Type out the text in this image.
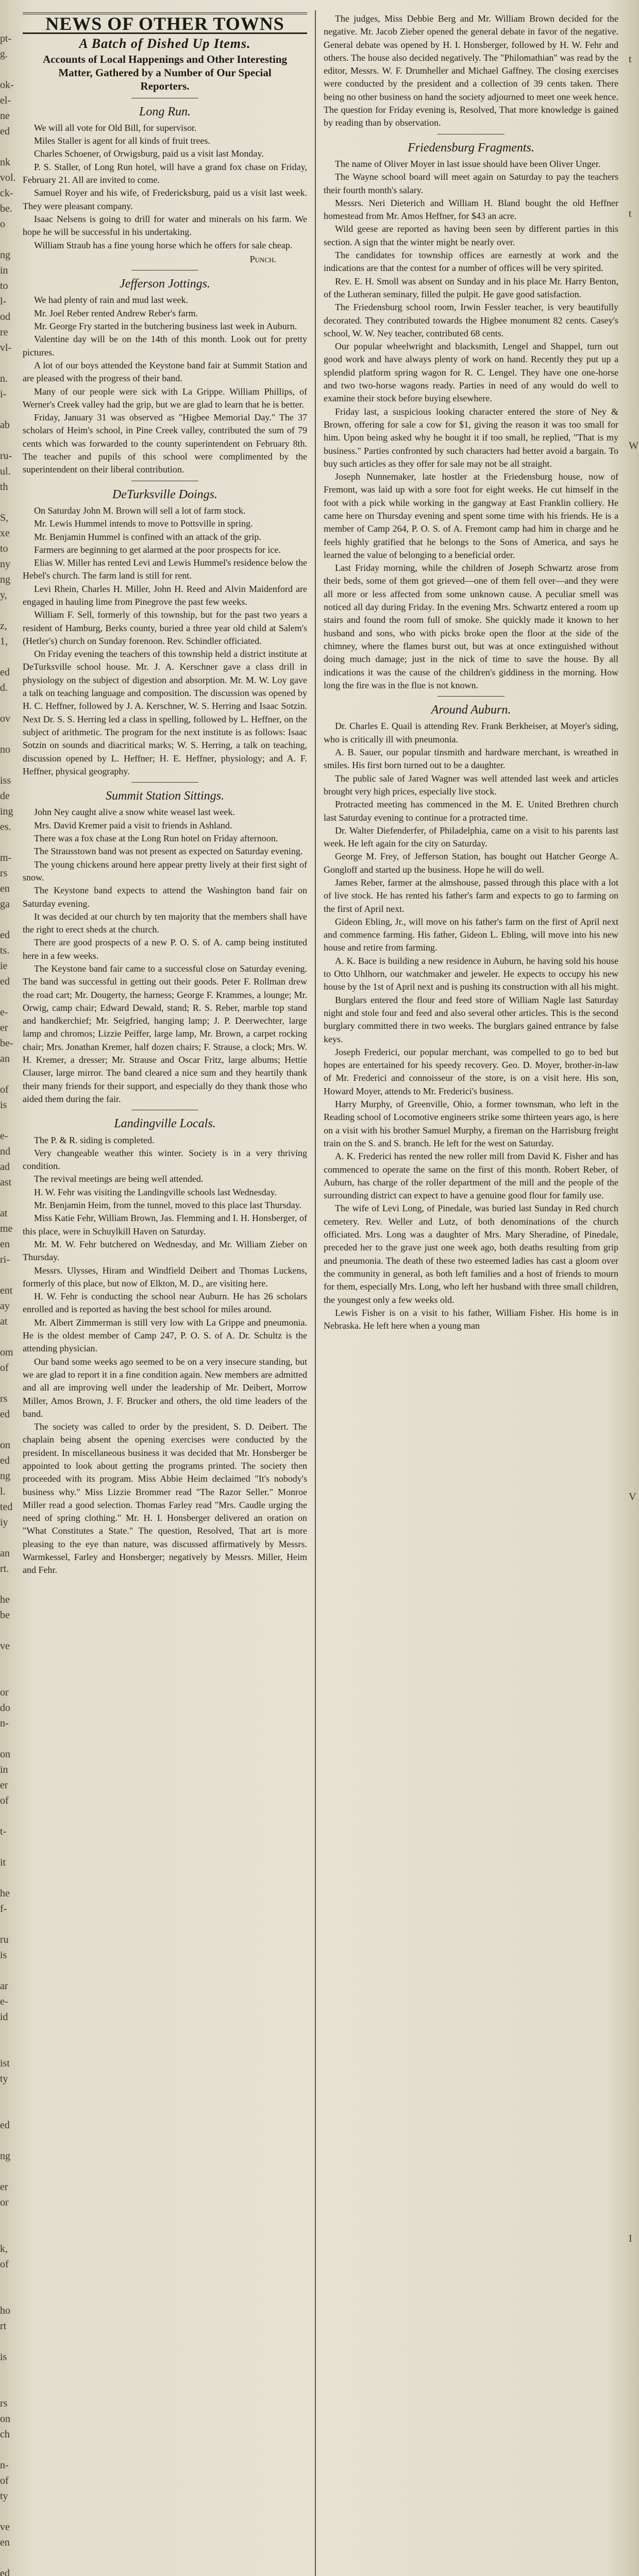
pt-
g.

ok-
el-
ne
ed

nk
vol.
ck-
be.
o

ng
in
to
l-
od
re
vl-

n.
i-

ab

ru-
ul.
th

S,
xe
to
ny
ng
y,

z,
1,

ed
d.

ov

no

iss
de
ing
es.

m-
rs
en
ga

ed
ts.
ie
ed

e-
er
be-
an

of
is

e-
nd
ad
ast

at
me
en
ri-

ent
ay
at

om
of

rs
ed

on
ed
ng
l.
ted
iy

an
rt.

he
be

ve

or
do
n-

on
in
er
of

t-

it

he
f-

ru
is

ar
e-
id

ist
ty

ed

ng

er
or

k,
of

ho
rt

is

rs
on
ch

n-
of
ty

ve
en

ed

t

t

W

V

I
NEWS OF OTHER TOWNS
A Batch of Dished Up Items.
Accounts of Local Happenings and Other Interesting Matter, Gathered by a Number of Our Special Reporters.
Long Run.

We will all vote for Old Bill, for supervisor.

Miles Staller is agent for all kinds of fruit trees.

Charles Schoener, of Orwigsburg, paid us a visit last Monday.

P. S. Staller, of Long Run hotel, will have a grand fox chase on Friday, February 21. All are invited to come.

Samuel Royer and his wife, of Fredericksburg, paid us a visit last week. They were pleasant company.

Isaac Nelsens is going to drill for water and minerals on his farm. We hope he will be successful in his undertaking.

William Straub has a fine young horse which he offers for sale cheap.

Punch.

Jefferson Jottings.

We had plenty of rain and mud last week.

Mr. Joel Reber rented Andrew Reber's farm.

Mr. George Fry started in the butchering business last week in Auburn.

Valentine day will be on the 14th of this month. Look out for pretty pictures.

A lot of our boys attended the Keystone band fair at Summit Station and are pleased with the progress of their band.

Many of our people were sick with La Grippe. William Phillips, of Werner's Creek valley had the grip, but we are glad to learn that he is better.

Friday, January 31 was observed as "Higbee Memorial Day." The 37 scholars of Heim's school, in Pine Creek valley, contributed the sum of 79 cents which was forwarded to the county superintendent on February 8th. The teacher and pupils of this school were complimented by the superintendent on their liberal contribution.

DeTurksville Doings.

On Saturday John M. Brown will sell a lot of farm stock.

Mr. Lewis Hummel intends to move to Pottsville in spring.

Mr. Benjamin Hummel is confined with an attack of the grip.

Farmers are beginning to get alarmed at the poor prospects for ice.

Elias W. Miller has rented Levi and Lewis Hummel's residence below the Hebel's church. The farm land is still for rent.

Levi Rhein, Charles H. Miller, John H. Reed and Alvin Maidenford are engaged in hauling lime from Pinegrove the past few weeks.

William F. Sell, formerly of this township, but for the past two years a resident of Hamburg, Berks county, buried a three year old child at Salem's (Hetler's) church on Sunday forenoon. Rev. Schindler officiated.

On Friday evening the teachers of this township held a district institute at DeTurksville school house. Mr. J. A. Kerschner gave a class drill in physiology on the subject of digestion and absorption. Mr. M. W. Loy gave a talk on teaching language and composition. The discussion was opened by H. C. Heffner, followed by J. A. Kerschner, W. S. Herring and Isaac Sotzin. Next Dr. S. S. Herring led a class in spelling, followed by L. Heffner, on the subject of arithmetic. The program for the next institute is as follows: Isaac Sotzin on sounds and diacritical marks; W. S. Herring, a talk on teaching, discussion opened by L. Heffner; H. E. Heffner, physiology; and A. F. Heffner, physical geography.

Summit Station Sittings.

John Ney caught alive a snow white weasel last week.

Mrs. David Kremer paid a visit to friends in Ashland.

There was a fox chase at the Long Run hotel on Friday afternoon.

The Strausstown band was not present as expected on Saturday evening.

The young chickens around here appear pretty lively at their first sight of snow.

The Keystone band expects to attend the Washington band fair on Saturday evening.

It was decided at our church by ten majority that the members shall have the right to erect sheds at the church.

There are good prospects of a new P. O. S. of A. camp being instituted here in a few weeks.

The Keystone band fair came to a successful close on Saturday evening. The band was successful in getting out their goods. Peter F. Rollman drew the road cart; Mr. Dougerty, the harness; George F. Krammes, a lounge; Mr. Orwig, camp chair; Edward Dewald, stand; R. S. Reber, marble top stand and handkerchief; Mr. Seigfried, hanging lamp; J. P. Deerwechter, large lamp and chromos; Lizzie Peiffer, large lamp, Mr. Brown, a carpet rocking chair; Mrs. Jonathan Kremer, half dozen chairs; F. Strause, a clock; Mrs. W. H. Kremer, a dresser; Mr. Strause and Oscar Fritz, large albums; Hettie Clauser, large mirror. The band cleared a nice sum and they heartily thank their many friends for their support, and especially do they thank those who aided them during the fair.

Landingville Locals.

The P. & R. siding is completed.

Very changeable weather this winter. Society is in a very thriving condition.

The revival meetings are being well attended.

H. W. Fehr was visiting the Landingville schools last Wednesday.

Mr. Benjamin Heim, from the tunnel, moved to this place last Thursday.

Miss Katie Fehr, William Brown, Jas. Flemming and I. H. Honsberger, of this place, were in Schuylkill Haven on Saturday.

Mr. M. W. Fehr butchered on Wednesday, and Mr. William Zieber on Thursday.

Messrs. Ulysses, Hiram and Windfield Deibert and Thomas Luckens, formerly of this place, but now of Elkton, M. D., are visiting here.

H. W. Fehr is conducting the school near Auburn. He has 26 scholars enrolled and is reported as having the best school for miles around.

Mr. Albert Zimmerman is still very low with La Grippe and pneumonia. He is the oldest member of Camp 247, P. O. S. of A. Dr. Schultz is the attending physician.

Our band some weeks ago seemed to be on a very insecure standing, but we are glad to report it in a fine condition again. New members are admitted and all are improving well under the leadership of Mr. Deibert, Morrow Miller, Amos Brown, J. F. Brucker and others, the old time leaders of the band.

The society was called to order by the president, S. D. Deibert. The chaplain being absent the opening exercises were conducted by the president. In miscellaneous business it was decided that Mr. Honsberger be appointed to look about getting the programs printed. The society then proceeded with its program. Miss Abbie Heim declaimed "It's nobody's business why." Miss Lizzie Brommer read "The Razor Seller." Monroe Miller read a good selection. Thomas Farley read "Mrs. Caudle urging the need of spring clothing." Mr. H. I. Honsberger delivered an oration on "What Constitutes a State." The question, Resolved, That art is more pleasing to the eye than nature, was discussed affirmatively by Messrs. Warmkessel, Farley and Honsberger; negatively by Messrs. Miller, Heim and Fehr.

The judges, Miss Debbie Berg and Mr. William Brown decided for the negative. Mr. Jacob Zieber opened the general debate in favor of the negative. General debate was opened by H. I. Honsberger, followed by H. W. Fehr and others. The house also decided negatively. The "Philomathian" was read by the editor, Messrs. W. F. Drumheller and Michael Gaffney. The closing exercises were conducted by the president and a collection of 39 cents taken. There being no other business on hand the society adjourned to meet one week hence. The question for Friday evening is, Resolved, That more knowledge is gained by reading than by observation.

Friedensburg Fragments.

The name of Oliver Moyer in last issue should have been Oliver Unger.

The Wayne school board will meet again on Saturday to pay the teachers their fourth month's salary.

Messrs. Neri Dieterich and William H. Bland bought the old Heffner homestead from Mr. Amos Heffner, for $43 an acre.

Wild geese are reported as having been seen by different parties in this section. A sign that the winter might be nearly over.

The candidates for township offices are earnestly at work and the indications are that the contest for a number of offices will be very spirited.

Rev. E. H. Smoll was absent on Sunday and in his place Mr. Harry Benton, of the Lutheran seminary, filled the pulpit. He gave good satisfaction.

The Friedensburg school room, Irwin Fessler teacher, is very beautifully decorated. They contributed towards the Higbee monument 82 cents. Casey's school, W. W. Ney teacher, contributed 68 cents.

Our popular wheelwright and blacksmith, Lengel and Shappel, turn out good work and have always plenty of work on hand. Recently they put up a splendid platform spring wagon for R. C. Lengel. They have one one-horse and two two-horse wagons ready. Parties in need of any would do well to examine their stock before buying elsewhere.

Friday last, a suspicious looking character entered the store of Ney & Brown, offering for sale a cow for $1, giving the reason it was too small for him. Upon being asked why he bought it if too small, he replied, "That is my business." Parties confronted by such characters had better avoid a bargain. To buy such articles as they offer for sale may not be all straight.

Joseph Nunnemaker, late hostler at the Friedensburg house, now of Fremont, was laid up with a sore foot for eight weeks. He cut himself in the foot with a pick while working in the gangway at East Franklin colliery. He came here on Thursday evening and spent some time with his friends. He is a member of Camp 264, P. O. S. of A. Fremont camp had him in charge and he feels highly gratified that he belongs to the Sons of America, and says he learned the value of belonging to a beneficial order.

Last Friday morning, while the children of Joseph Schwartz arose from their beds, some of them got grieved—one of them fell over—and they were all more or less affected from some unknown cause. A peculiar smell was noticed all day during Friday. In the evening Mrs. Schwartz entered a room up stairs and found the room full of smoke. She quickly made it known to her husband and sons, who with picks broke open the floor at the side of the chimney, where the flames burst out, but was at once extinguished without doing much damage; just in the nick of time to save the house. By all indications it was the cause of the children's giddiness in the morning. How long the fire was in the flue is not known.

Around Auburn.

Dr. Charles E. Quail is attending Rev. Frank Berkheiser, at Moyer's siding, who is critically ill with pneumonia.

A. B. Sauer, our popular tinsmith and hardware merchant, is wreathed in smiles. His first born turned out to be a daughter.

The public sale of Jared Wagner was well attended last week and articles brought very high prices, especially live stock.

Protracted meeting has commenced in the M. E. United Brethren church last Saturday evening to continue for a protracted time.

Dr. Walter Diefenderfer, of Philadelphia, came on a visit to his parents last week. He left again for the city on Saturday.

George M. Frey, of Jefferson Station, has bought out Hatcher George A. Gongloff and started up the business. Hope he will do well.

James Reber, farmer at the almshouse, passed through this place with a lot of live stock. He has rented his father's farm and expects to go to farming on the first of April next.

Gideon Ebling, Jr., will move on his father's farm on the first of April next and commence farming. His father, Gideon L. Ebling, will move into his new house and retire from farming.

A. K. Bace is building a new residence in Auburn, he having sold his house to Otto Uhlhorn, our watchmaker and jeweler. He expects to occupy his new house by the 1st of April next and is pushing its construction with all his might.

Burglars entered the flour and feed store of William Nagle last Saturday night and stole four and feed and also several other articles. This is the second burglary committed there in two weeks. The burglars gained entrance by false keys.

Joseph Frederici, our popular merchant, was compelled to go to bed but hopes are entertained for his speedy recovery. Geo. D. Moyer, brother-in-law of Mr. Frederici and connoisseur of the store, is on a visit here. His son, Howard Moyer, attends to Mr. Frederici's business.

Harry Murphy, of Greenville, Ohio, a former townsman, who left in the Reading school of Locomotive engineers strike some thirteen years ago, is here on a visit with his brother Samuel Murphy, a fireman on the Harrisburg freight train on the S. and S. branch. He left for the west on Saturday.

A. K. Frederici has rented the new roller mill from David K. Fisher and has commenced to operate the same on the first of this month. Robert Reber, of Auburn, has charge of the roller department of the mill and the people of the surrounding district can expect to have a genuine good flour for family use.

The wife of Levi Long, of Pinedale, was buried last Sunday in Red church cemetery. Rev. Weller and Lutz, of both denominations of the church officiated. Mrs. Long was a daughter of Mrs. Mary Sheradine, of Pinedale, preceded her to the grave just one week ago, both deaths resulting from grip and pneumonia. The death of these two esteemed ladies has cast a gloom over the community in general, as both left families and a host of friends to mourn for them, especially Mrs. Long, who left her husband with three small children, the youngest only a few weeks old.

Lewis Fisher is on a visit to his father, William Fisher. His home is in Nebraska. He left here when a young man
